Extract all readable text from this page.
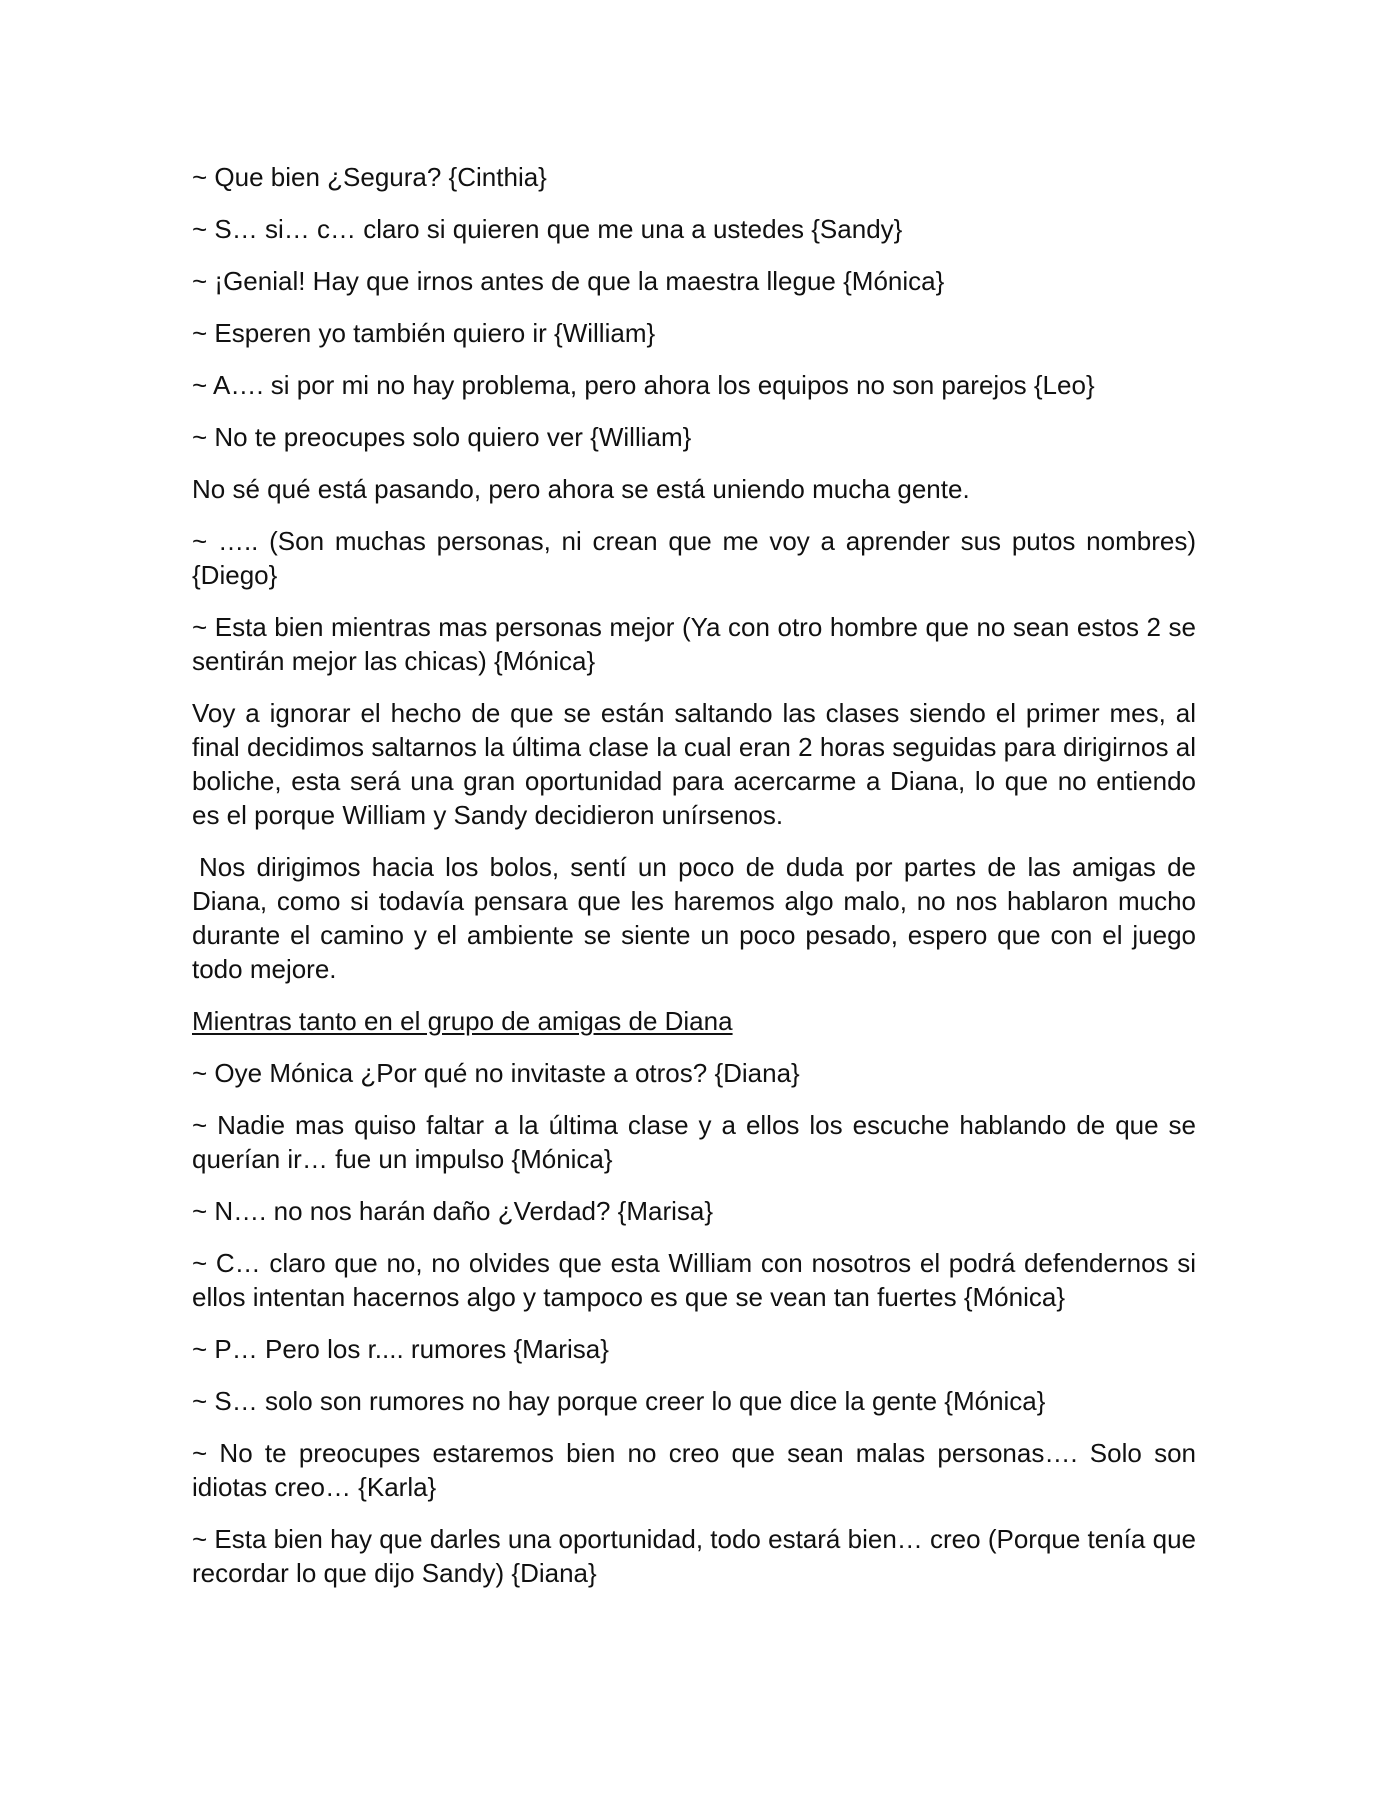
~ Que bien ¿Segura? {Cinthia}

~ S… si… c… claro si quieren que me una a ustedes {Sandy}

~ ¡Genial! Hay que irnos antes de que la maestra llegue {Mónica}

~ Esperen yo también quiero ir {William}

~ A…. si por mi no hay problema, pero ahora los equipos no son parejos {Leo}

~ No te preocupes solo quiero ver {William}

No sé qué está pasando, pero ahora se está uniendo mucha gente.

~ ….. (Son muchas personas, ni crean que me voy a aprender sus putos nombres) {Diego}

~ Esta bien mientras mas personas mejor (Ya con otro hombre que no sean estos 2 se sentirán mejor las chicas) {Mónica}

Voy a ignorar el hecho de que se están saltando las clases siendo el primer mes, al final decidimos saltarnos la última clase la cual eran 2 horas seguidas para dirigirnos al boliche, esta será una gran oportunidad para acercarme a Diana, lo que no entiendo es el porque William y Sandy decidieron unírsenos.

Nos dirigimos hacia los bolos, sentí un poco de duda por partes de las amigas de Diana, como si todavía pensara que les haremos algo malo, no nos hablaron mucho durante el camino y el ambiente se siente un poco pesado, espero que con el juego todo mejore.

Mientras tanto en el grupo de amigas de Diana

~ Oye Mónica ¿Por qué no invitaste a otros? {Diana}

~ Nadie mas quiso faltar a la última clase y a ellos los escuche hablando de que se querían ir… fue un impulso {Mónica}

~ N…. no nos harán daño ¿Verdad? {Marisa}

~ C… claro que no, no olvides que esta William con nosotros el podrá defendernos si ellos intentan hacernos algo y tampoco es que se vean tan fuertes {Mónica}

~ P… Pero los r.... rumores {Marisa}

~ S… solo son rumores no hay porque creer lo que dice la gente {Mónica}

~ No te preocupes estaremos bien no creo que sean malas personas…. Solo son idiotas creo… {Karla}

~ Esta bien hay que darles una oportunidad, todo estará bien… creo (Porque tenía que recordar lo que dijo Sandy) {Diana}
